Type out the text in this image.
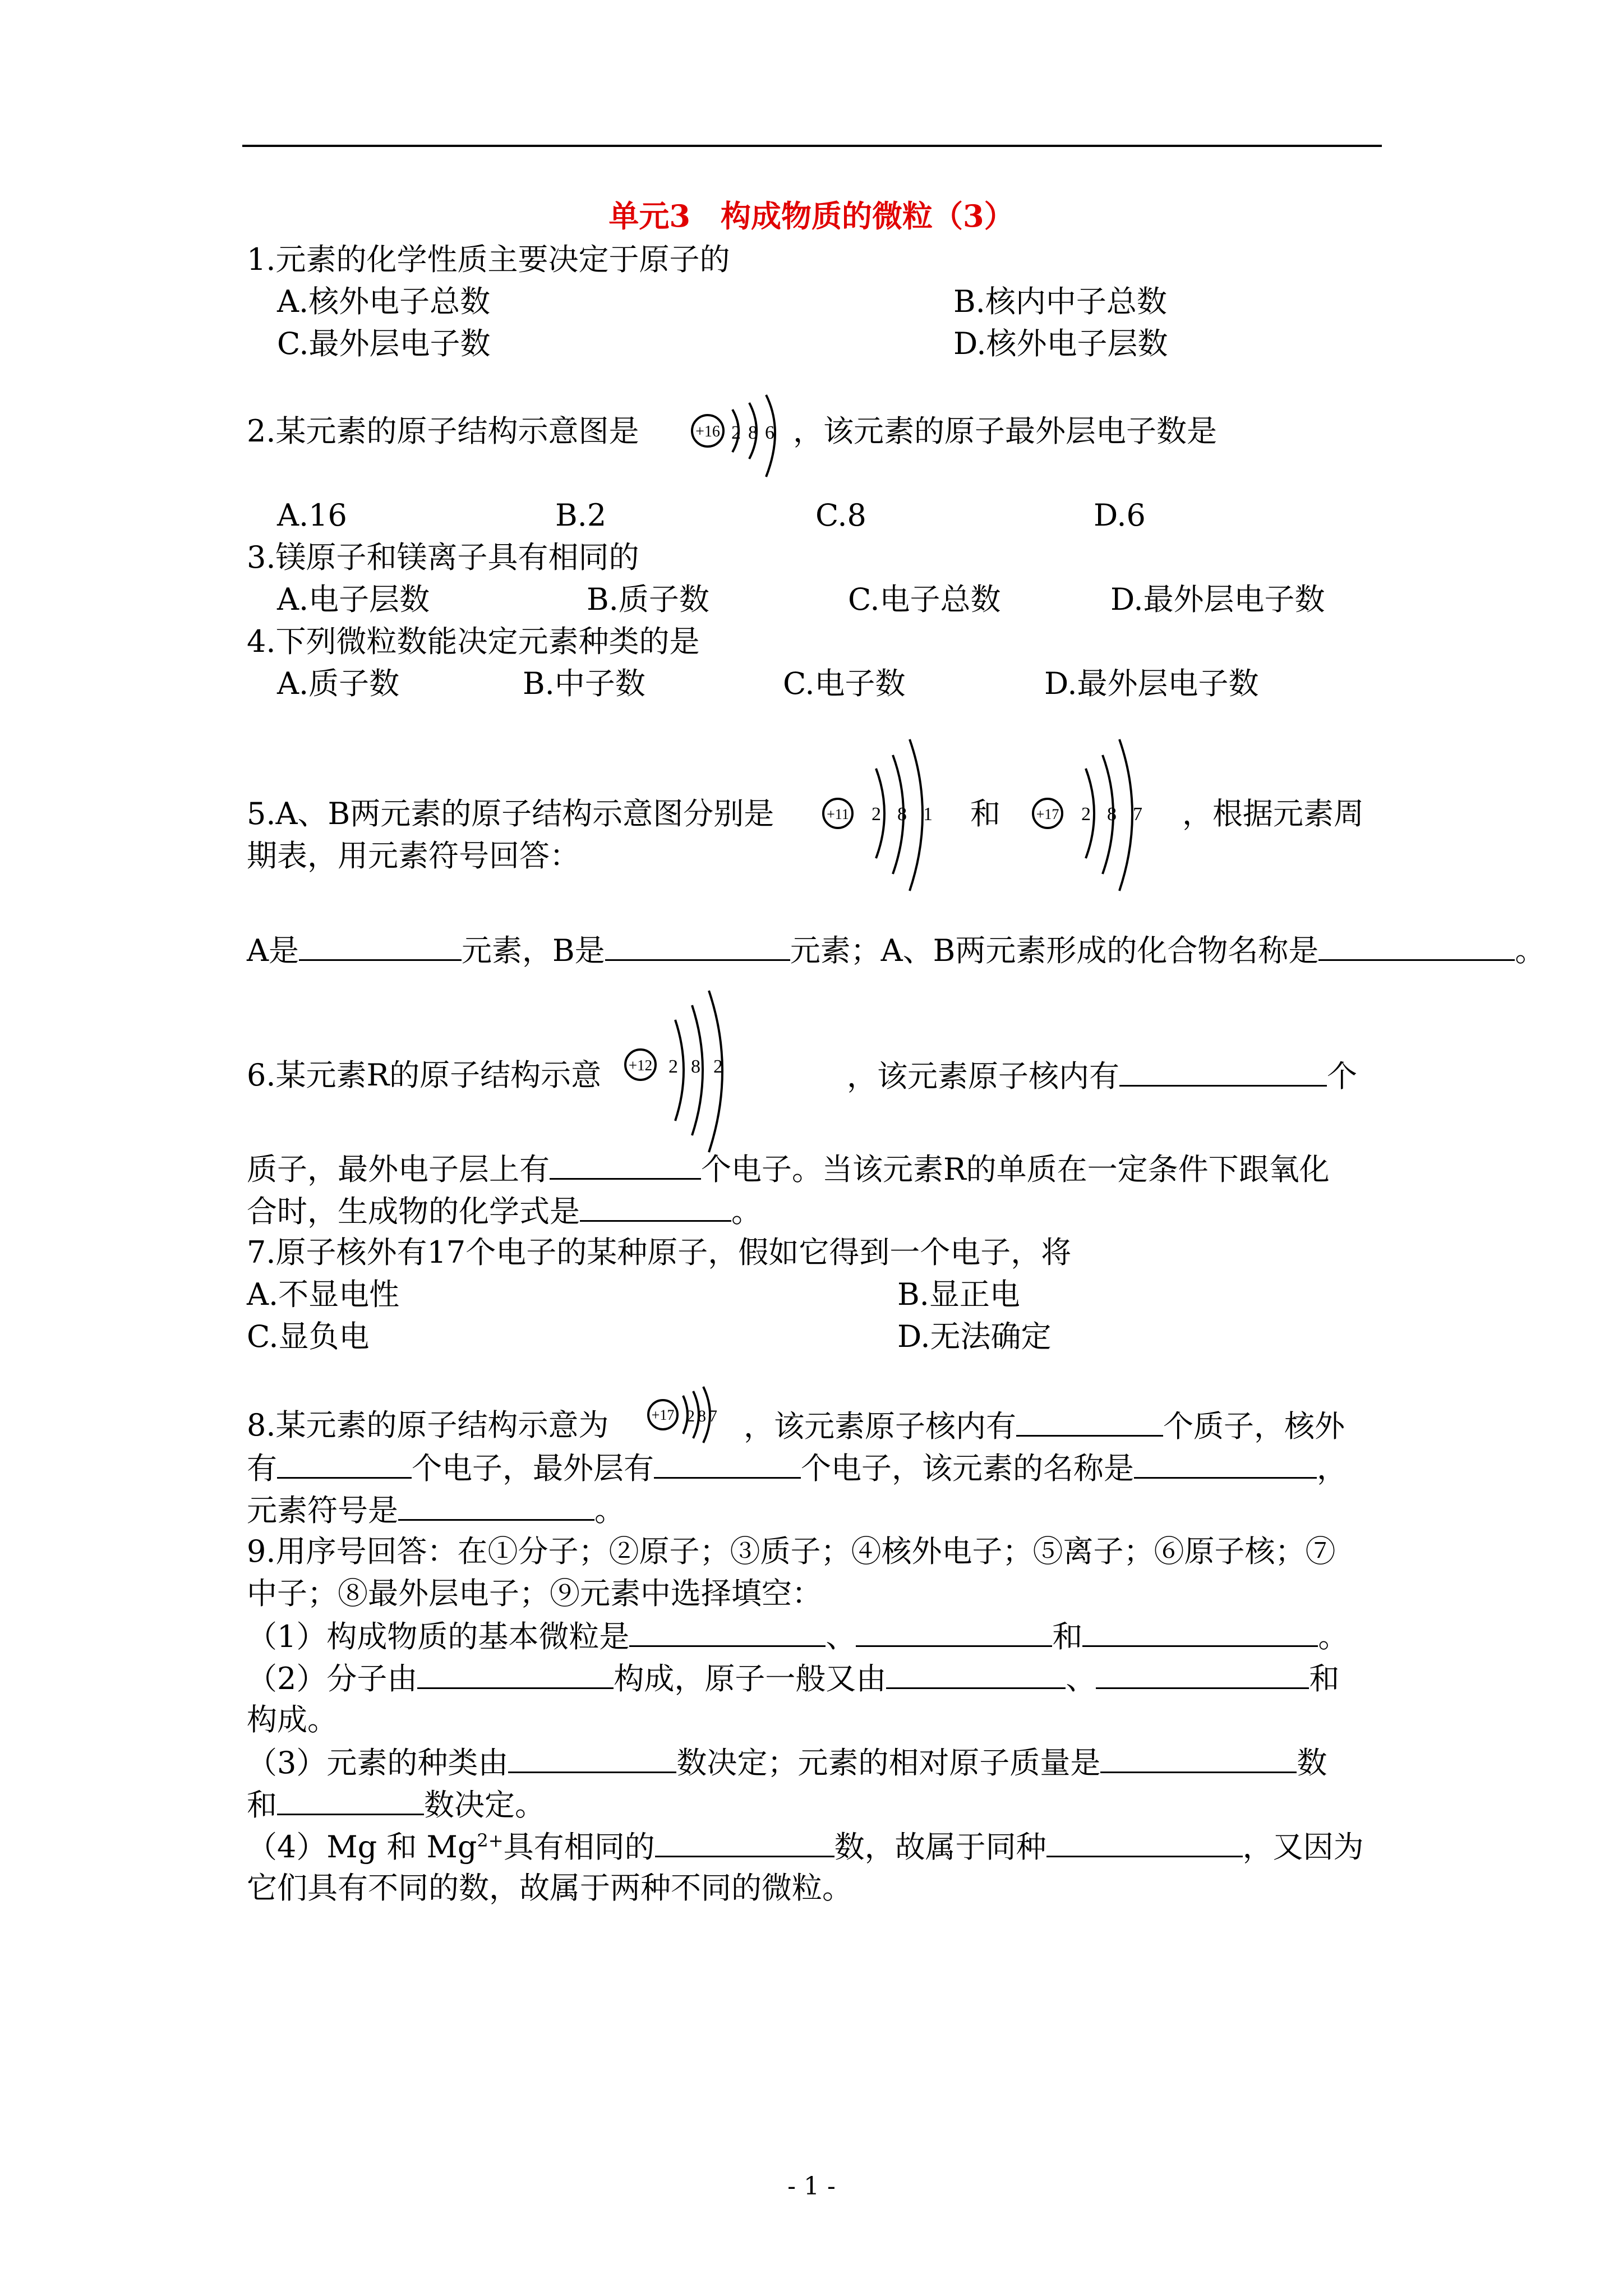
单元3　构成物质的微粒（3）
1.元素的化学性质主要决定于原子的
A.核外电子总数	B.核内中子总数
C.最外层电子数	D.核外电子层数
2.某元素的原子结构示意图是	+16 2 8 6 ，该元素的原子最外层电子数是
A.16	B.2	C.8	D.6
3.镁原子和镁离子具有相同的
A.电子层数	B.质子数	C.电子总数	D.最外层电子数
4.下列微粒数能决定元素种类的是
A.质子数	B.中子数	C.电子数	D.最外层电子数
5.A、B两元素的原子结构示意图分别是	+11 2 8 1 和 +17 2 8 7 ，根据元素周
期表，用元素符号回答：
A是	元素，B是	元素；A、B两元素形成的化合物名称是	。
6.某元素R的原子结构示意 +12 2 8 2	，该元素原子核内有	个
质子，最外电子层上有	个电子。当该元素R的单质在一定条件下跟氧化
合时，生成物的化学式是	。
7.原子核外有17个电子的某种原子，假如它得到一个电子，将
A.不显电性	B.显正电
C.显负电	D.无法确定
8.某元素的原子结构示意为	+17 2 8 7 ，该元素原子核内有	个质子，核外
有	个电子，最外层有	个电子，该元素的名称是	，
元素符号是	。
9.用序号回答：在①分子；②原子；③质子；④核外电子；⑤离子；⑥原子核；⑦
中子；⑧最外层电子；⑨元素中选择填空：
（1）构成物质的基本微粒是	、	和	。
（2）分子由	构成，原子一般又由	、	和
构成。
（3）元素的种类由	数决定；元素的相对原子质量是	数
和	数决定。
（4）Mg 和 $Mg^{2+}$具有相同的	数，故属于同种	，又因为
它们具有不同的数，故属于两种不同的微粒。
- 1 -
